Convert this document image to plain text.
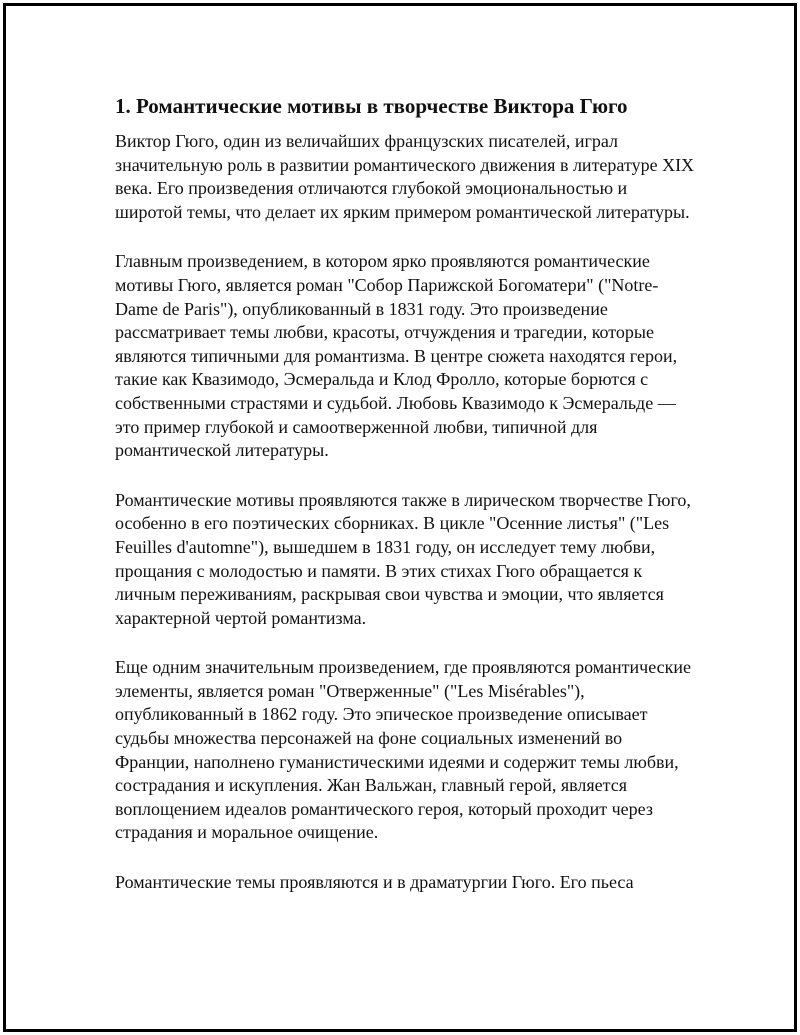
1. Романтические мотивы в творчестве Виктора Гюго

Виктор Гюго, один из величайших французских писателей, играл значительную роль в развитии романтического движения в литературе XIX века. Его произведения отличаются глубокой эмоциональностью и широтой темы, что делает их ярким примером романтической литературы.

Главным произведением, в котором ярко проявляются романтические мотивы Гюго, является роман "Собор Парижской Богоматери" ("Notre-Dame de Paris"), опубликованный в 1831 году. Это произведение рассматривает темы любви, красоты, отчуждения и трагедии, которые являются типичными для романтизма. В центре сюжета находятся герои, такие как Квазимодо, Эсмеральда и Клод Фролло, которые борются с собственными страстями и судьбой. Любовь Квазимодо к Эсмеральде — это пример глубокой и самоотверженной любви, типичной для романтической литературы.

Романтические мотивы проявляются также в лирическом творчестве Гюго, особенно в его поэтических сборниках. В цикле "Осенние листья" ("Les Feuilles d'automne"), вышедшем в 1831 году, он исследует тему любви, прощания с молодостью и памяти. В этих стихах Гюго обращается к личным переживаниям, раскрывая свои чувства и эмоции, что является характерной чертой романтизма.

Еще одним значительным произведением, где проявляются романтические элементы, является роман "Отверженные" ("Les Misérables"), опубликованный в 1862 году. Это эпическое произведение описывает судьбы множества персонажей на фоне социальных изменений во Франции, наполнено гуманистическими идеями и содержит темы любви, сострадания и искупления. Жан Вальжан, главный герой, является воплощением идеалов романтического героя, который проходит через страдания и моральное очищение.

Романтические темы проявляются и в драматургии Гюго. Его пьеса
